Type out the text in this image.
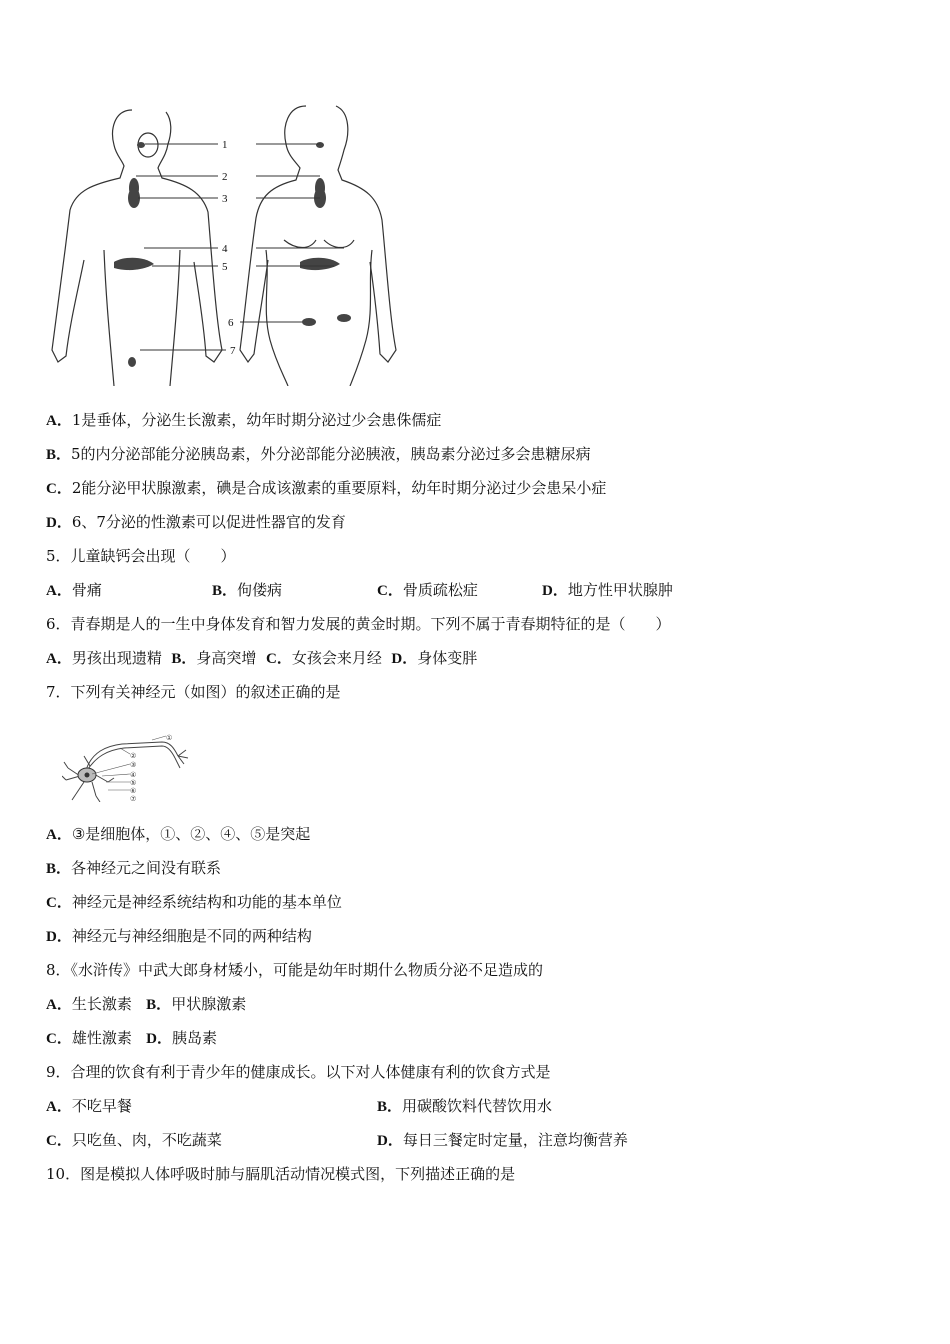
1
2
3
4
5
6
7
A．1是垂体，分泌生长激素，幼年时期分泌过少会患侏儒症
B．5的内分泌部能分泌胰岛素，外分泌部能分泌胰液，胰岛素分泌过多会患糖尿病
C．2能分泌甲状腺激素，碘是合成该激素的重要原料，幼年时期分泌过少会患呆小症
D．6、7分泌的性激素可以促进性器官的发育
5．儿童缺钙会出现（　　）
A．骨痛	B．佝偻病	C．骨质疏松症	D．地方性甲状腺肿
6．青春期是人的一生中身体发育和智力发展的黄金时期。下列不属于青春期特征的是（　　）
A．男孩出现遗精 B．身高突增 C．女孩会来月经 D．身体变胖
7．下列有关神经元（如图）的叙述正确的是
①
②
③
④
⑤
⑥
⑦
A．③是细胞体，①、②、④、⑤是突起
B．各神经元之间没有联系
C．神经元是神经系统结构和功能的基本单位
D．神经元与神经细胞是不同的两种结构
8．《水浒传》中武大郎身材矮小，可能是幼年时期什么物质分泌不足造成的
A．生长激素 B．甲状腺激素
C．雄性激素 D．胰岛素
9．合理的饮食有利于青少年的健康成长。以下对人体健康有利的饮食方式是
A．不吃早餐	B．用碳酸饮料代替饮用水
C．只吃鱼、肉，不吃蔬菜	D．每日三餐定时定量，注意均衡营养
10．图是模拟人体呼吸时肺与膈肌活动情况模式图，下列描述正确的是
